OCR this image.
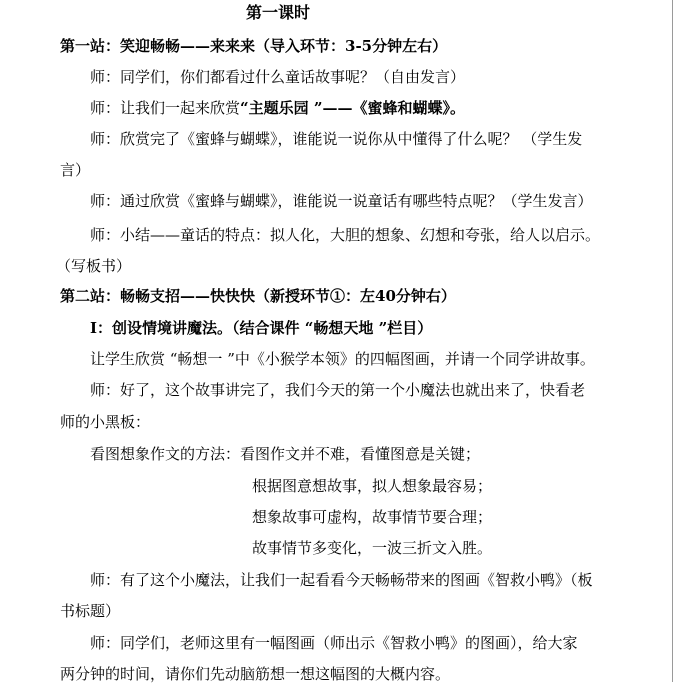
第一课时
第一站：笑迎畅畅——来来来（导入环节：3-5分钟左右）
师：同学们，你们都看过什么童话故事呢？（自由发言）
师：让我们一起来欣赏“主题乐园 ”——《蜜蜂和蝴蝶》。
师：欣赏完了《蜜蜂与蝴蝶》，谁能说一说你从中懂得了什么呢？ （学生发
言）
师：通过欣赏《蜜蜂与蝴蝶》，谁能说一说童话有哪些特点呢？（学生发言）
师：小结——童话的特点：拟人化，大胆的想象、幻想和夸张，给人以启示。
（写板书）
第二站：畅畅支招——快快快（新授环节①：左40分钟右）
Ⅰ：创设情境讲魔法。（结合课件 “畅想天地 ”栏目）
让学生欣赏 “畅想一 ”中《小猴学本领》的四幅图画，并请一个同学讲故事。
师：好了，这个故事讲完了，我们今天的第一个小魔法也就出来了，快看老
师的小黑板：
看图想象作文的方法：看图作文并不难，看懂图意是关键；
根据图意想故事，拟人想象最容易；
想象故事可虚构，故事情节要合理；
故事情节多变化，一波三折文入胜。
师：有了这个小魔法，让我们一起看看今天畅畅带来的图画《智救小鸭》（板
书标题）
师：同学们，老师这里有一幅图画（师出示《智救小鸭》的图画），给大家
两分钟的时间，请你们先动脑筋想一想这幅图的大概内容。
